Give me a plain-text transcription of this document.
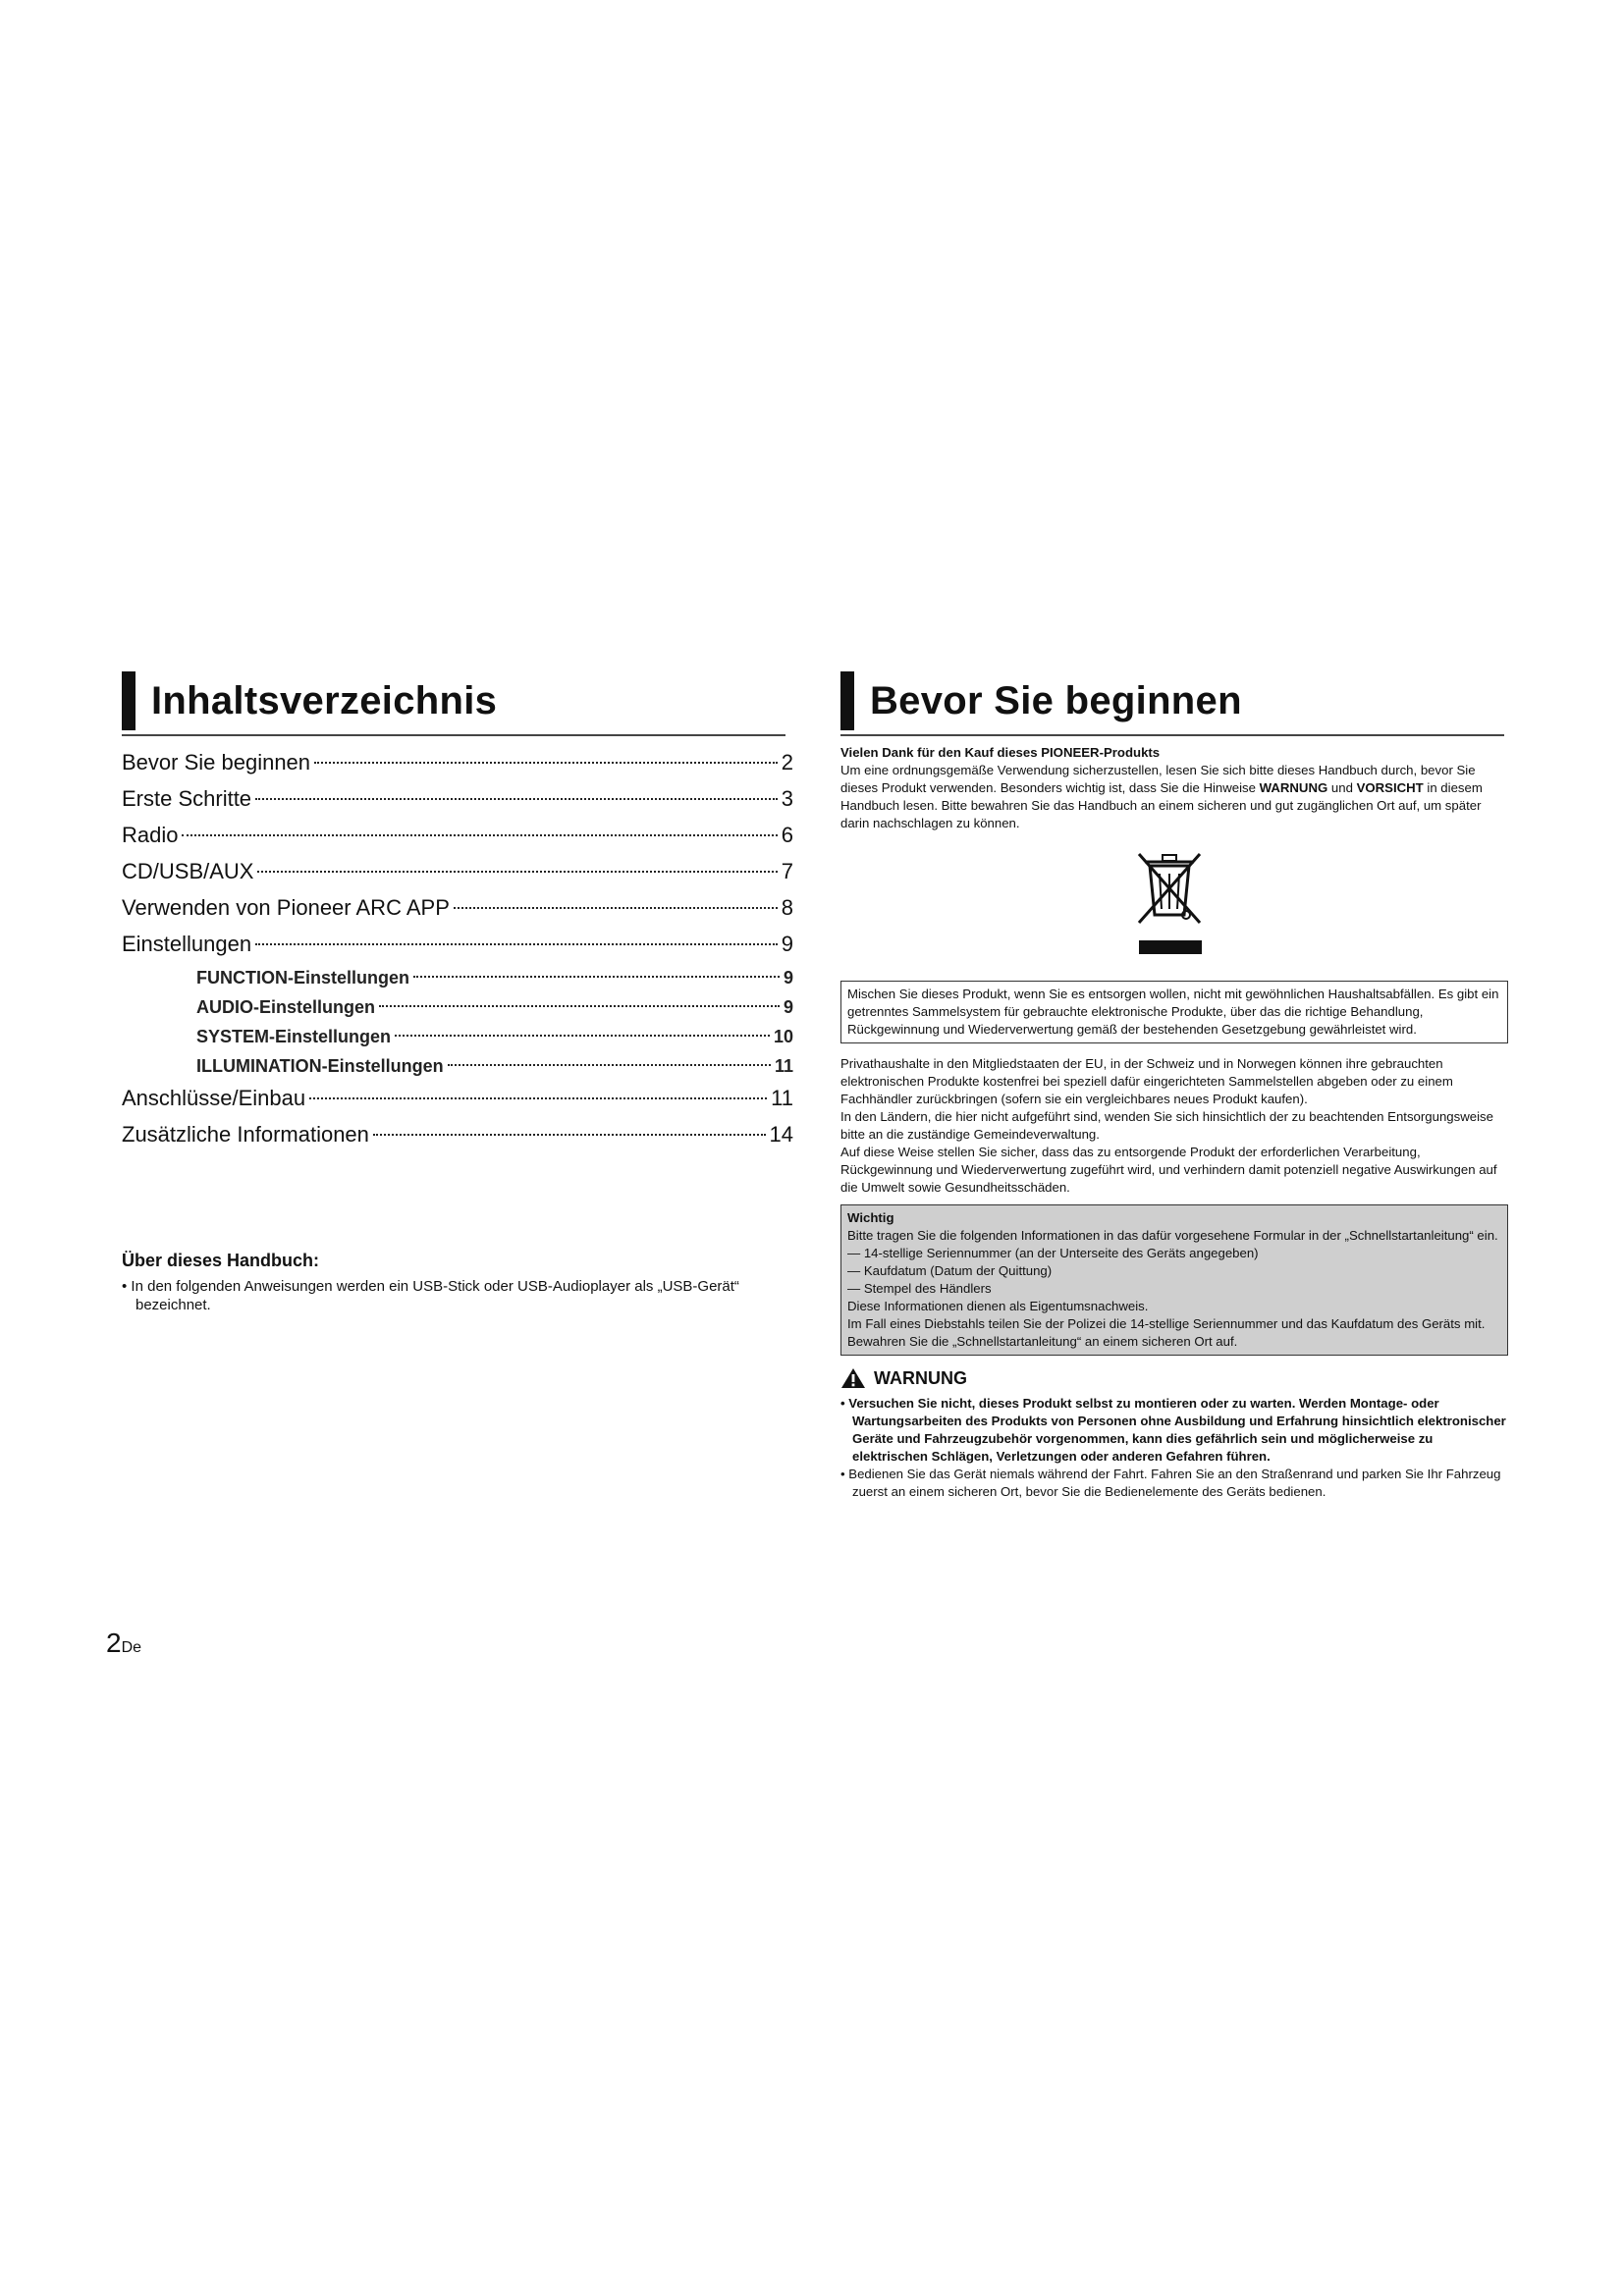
Inhaltsverzeichnis
Bevor Sie beginnen	2
Erste Schritte	3
Radio	6
CD/USB/AUX	7
Verwenden von Pioneer ARC APP	8
Einstellungen	9
FUNCTION-Einstellungen	9
AUDIO-Einstellungen	9
SYSTEM-Einstellungen	10
ILLUMINATION-Einstellungen	11
Anschlüsse/Einbau	11
Zusätzliche Informationen	14

Über dieses Handbuch:

• In den folgenden Anweisungen werden ein USB-Stick oder USB-Audioplayer als „USB-Gerät“ bezeichnet.

Bevor Sie beginnen

Vielen Dank für den Kauf dieses PIONEER-Produkts

Um eine ordnungsgemäße Verwendung sicherzustellen, lesen Sie sich bitte dieses Handbuch durch, bevor Sie dieses Produkt verwenden. Besonders wichtig ist, dass Sie die Hinweise WARNUNG und VORSICHT in diesem Handbuch lesen. Bitte bewahren Sie das Handbuch an einem sicheren und gut zugänglichen Ort auf, um später darin nachschlagen zu können.

Mischen Sie dieses Produkt, wenn Sie es entsorgen wollen, nicht mit gewöhnlichen Haushaltsabfällen. Es gibt ein getrenntes Sammelsystem für gebrauchte elektronische Produkte, über das die richtige Behandlung, Rückgewinnung und Wiederverwertung gemäß der bestehenden Gesetzgebung gewährleistet wird.

Privathaushalte in den Mitgliedstaaten der EU, in der Schweiz und in Norwegen können ihre gebrauchten elektronischen Produkte kostenfrei bei speziell dafür eingerichteten Sammelstellen abgeben oder zu einem Fachhändler zurückbringen (sofern sie ein vergleichbares neues Produkt kaufen).

In den Ländern, die hier nicht aufgeführt sind, wenden Sie sich hinsichtlich der zu beachtenden Entsorgungsweise bitte an die zuständige Gemeindeverwaltung.

Auf diese Weise stellen Sie sicher, dass das zu entsorgende Produkt der erforderlichen Verarbeitung, Rückgewinnung und Wiederverwertung zugeführt wird, und verhindern damit potenziell negative Auswirkungen auf die Umwelt sowie Gesundheitsschäden.

Wichtig

Bitte tragen Sie die folgenden Informationen in das dafür vorgesehene Formular in der „Schnellstartanleitung“ ein.

— 14-stellige Seriennummer (an der Unterseite des Geräts angegeben)

— Kaufdatum (Datum der Quittung)

— Stempel des Händlers

Diese Informationen dienen als Eigentumsnachweis.

Im Fall eines Diebstahls teilen Sie der Polizei die 14-stellige Seriennummer und das Kaufdatum des Geräts mit.

Bewahren Sie die „Schnellstartanleitung“ an einem sicheren Ort auf.

WARNUNG

• Versuchen Sie nicht, dieses Produkt selbst zu montieren oder zu warten. Werden Montage- oder Wartungsarbeiten des Produkts von Personen ohne Ausbildung und Erfahrung hinsichtlich elektronischer Geräte und Fahrzeugzubehör vorgenommen, kann dies gefährlich sein und möglicherweise zu elektrischen Schlägen, Verletzungen oder anderen Gefahren führen.

• Bedienen Sie das Gerät niemals während der Fahrt. Fahren Sie an den Straßenrand und parken Sie Ihr Fahrzeug zuerst an einem sicheren Ort, bevor Sie die Bedienelemente des Geräts bedienen.

2De
